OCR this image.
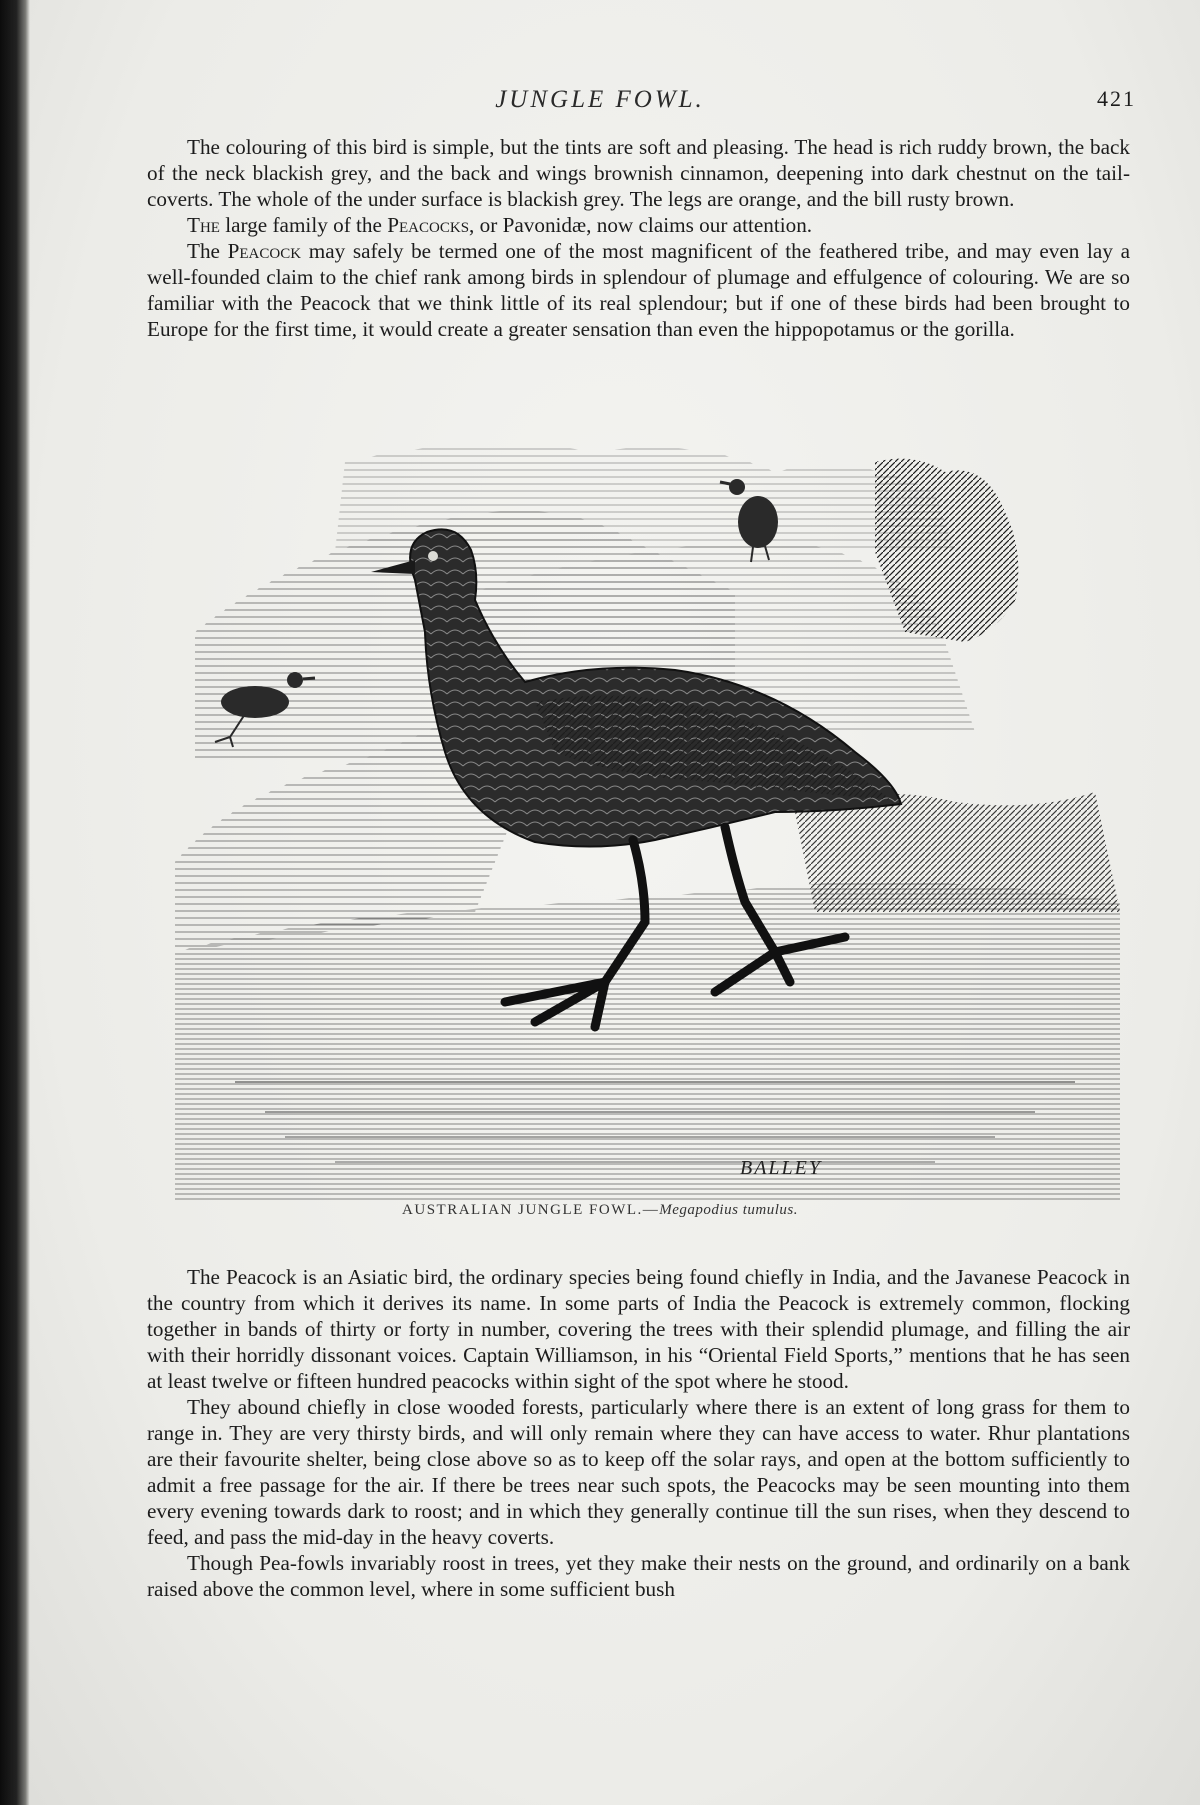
JUNGLE FOWL.	421

The colouring of this bird is simple, but the tints are soft and pleasing. The head is rich ruddy brown, the back of the neck blackish grey, and the back and wings brownish cinnamon, deepening into dark chestnut on the tail-coverts. The whole of the under surface is blackish grey. The legs are orange, and the bill rusty brown.

The large family of the Peacocks, or Pavonidæ, now claims our attention.

The Peacock may safely be termed one of the most magnificent of the feathered tribe, and may even lay a well-founded claim to the chief rank among birds in splendour of plumage and effulgence of colouring. We are so familiar with the Peacock that we think little of its real splendour; but if one of these birds had been brought to Europe for the first time, it would create a greater sensation than even the hippopotamus or the gorilla.

BALLEY
AUSTRALIAN JUNGLE FOWL.—Megapodius tumulus.

The Peacock is an Asiatic bird, the ordinary species being found chiefly in India, and the Javanese Peacock in the country from which it derives its name. In some parts of India the Peacock is extremely common, flocking together in bands of thirty or forty in number, covering the trees with their splendid plumage, and filling the air with their horridly dissonant voices. Captain Williamson, in his “Oriental Field Sports,” mentions that he has seen at least twelve or fifteen hundred peacocks within sight of the spot where he stood.

They abound chiefly in close wooded forests, particularly where there is an extent of long grass for them to range in. They are very thirsty birds, and will only remain where they can have access to water. Rhur plantations are their favourite shelter, being close above so as to keep off the solar rays, and open at the bottom sufficiently to admit a free passage for the air. If there be trees near such spots, the Peacocks may be seen mounting into them every evening towards dark to roost; and in which they generally continue till the sun rises, when they descend to feed, and pass the mid-day in the heavy coverts.

Though Pea-fowls invariably roost in trees, yet they make their nests on the ground, and ordinarily on a bank raised above the common level, where in some sufficient bush
